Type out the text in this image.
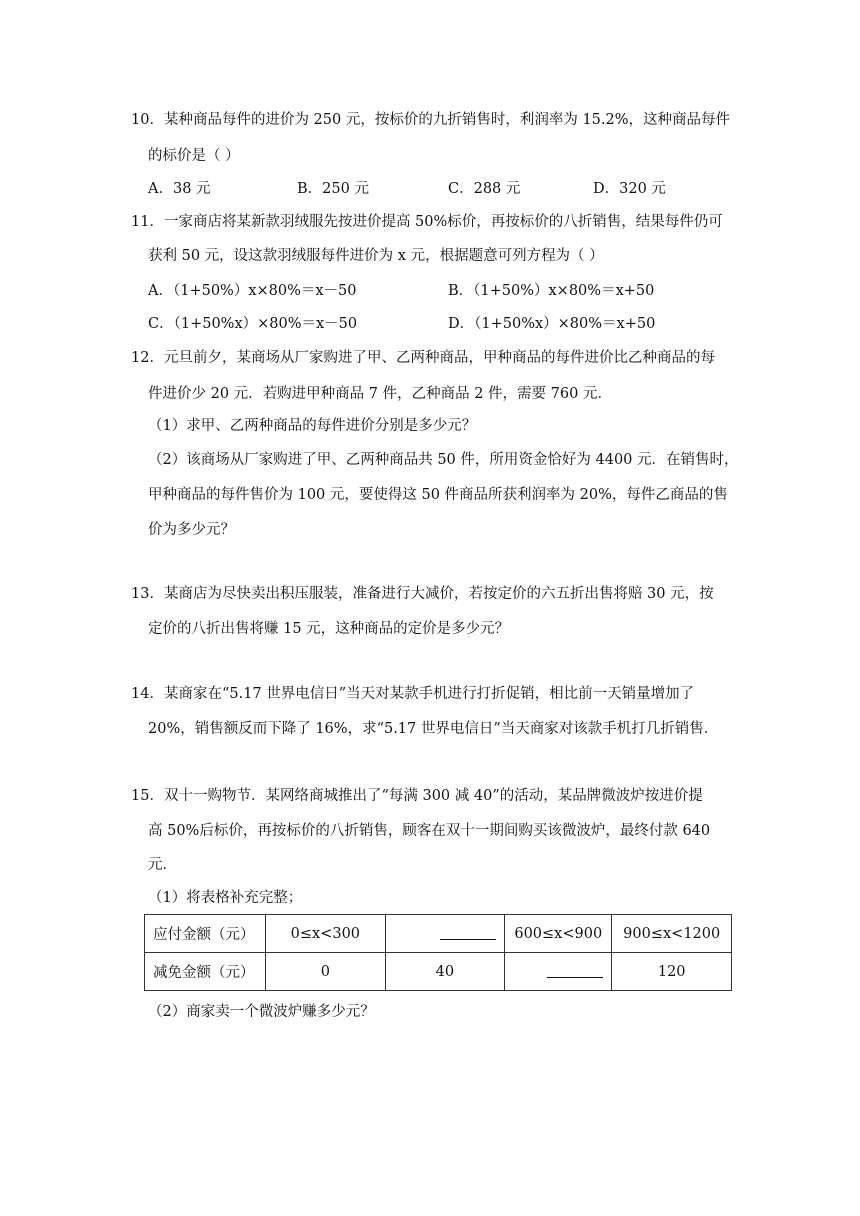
10．某种商品每件的进价为 250 元，按标价的九折销售时，利润率为 15.2%，这种商品每件
的标价是（ ）
A．38 元	B．250 元	C．288 元	D．320 元
11．一家商店将某新款羽绒服先按进价提高 50%标价，再按标价的八折销售，结果每件仍可
获利 50 元，设这款羽绒服每件进价为 x 元，根据题意可列方程为（ ）
A．（1+50%）x×80%＝x－50	B．（1+50%）x×80%＝x+50
C．（1+50%x）×80%＝x－50	D．（1+50%x）×80%＝x+50
12．元旦前夕，某商场从厂家购进了甲、乙两种商品，甲种商品的每件进价比乙种商品的每
件进价少 20 元．若购进甲种商品 7 件，乙种商品 2 件，需要 760 元．
（1）求甲、乙两种商品的每件进价分别是多少元？
（2）该商场从厂家购进了甲、乙两种商品共 50 件，所用资金恰好为 4400 元．在销售时，
甲种商品的每件售价为 100 元，要使得这 50 件商品所获利润率为 20%，每件乙商品的售
价为多少元？
13．某商店为尽快卖出积压服装，准备进行大减价，若按定价的六五折出售将赔 30 元，按
定价的八折出售将赚 15 元，这种商品的定价是多少元？
14．某商家在“5.17 世界电信日”当天对某款手机进行打折促销，相比前一天销量增加了
20%，销售额反而下降了 16%，求“5.17 世界电信日”当天商家对该款手机打几折销售．
15．双十一购物节．某网络商城推出了“每满 300 减 40”的活动，某品牌微波炉按进价提
高 50%后标价，再按标价的八折销售，顾客在双十一期间购买该微波炉，最终付款 640
元．
（1）将表格补充完整；
应付金额（元）	0≤x<300		600≤x<900	900≤x<1200
减免金额（元）	0	40		120
（2）商家卖一个微波炉赚多少元？
